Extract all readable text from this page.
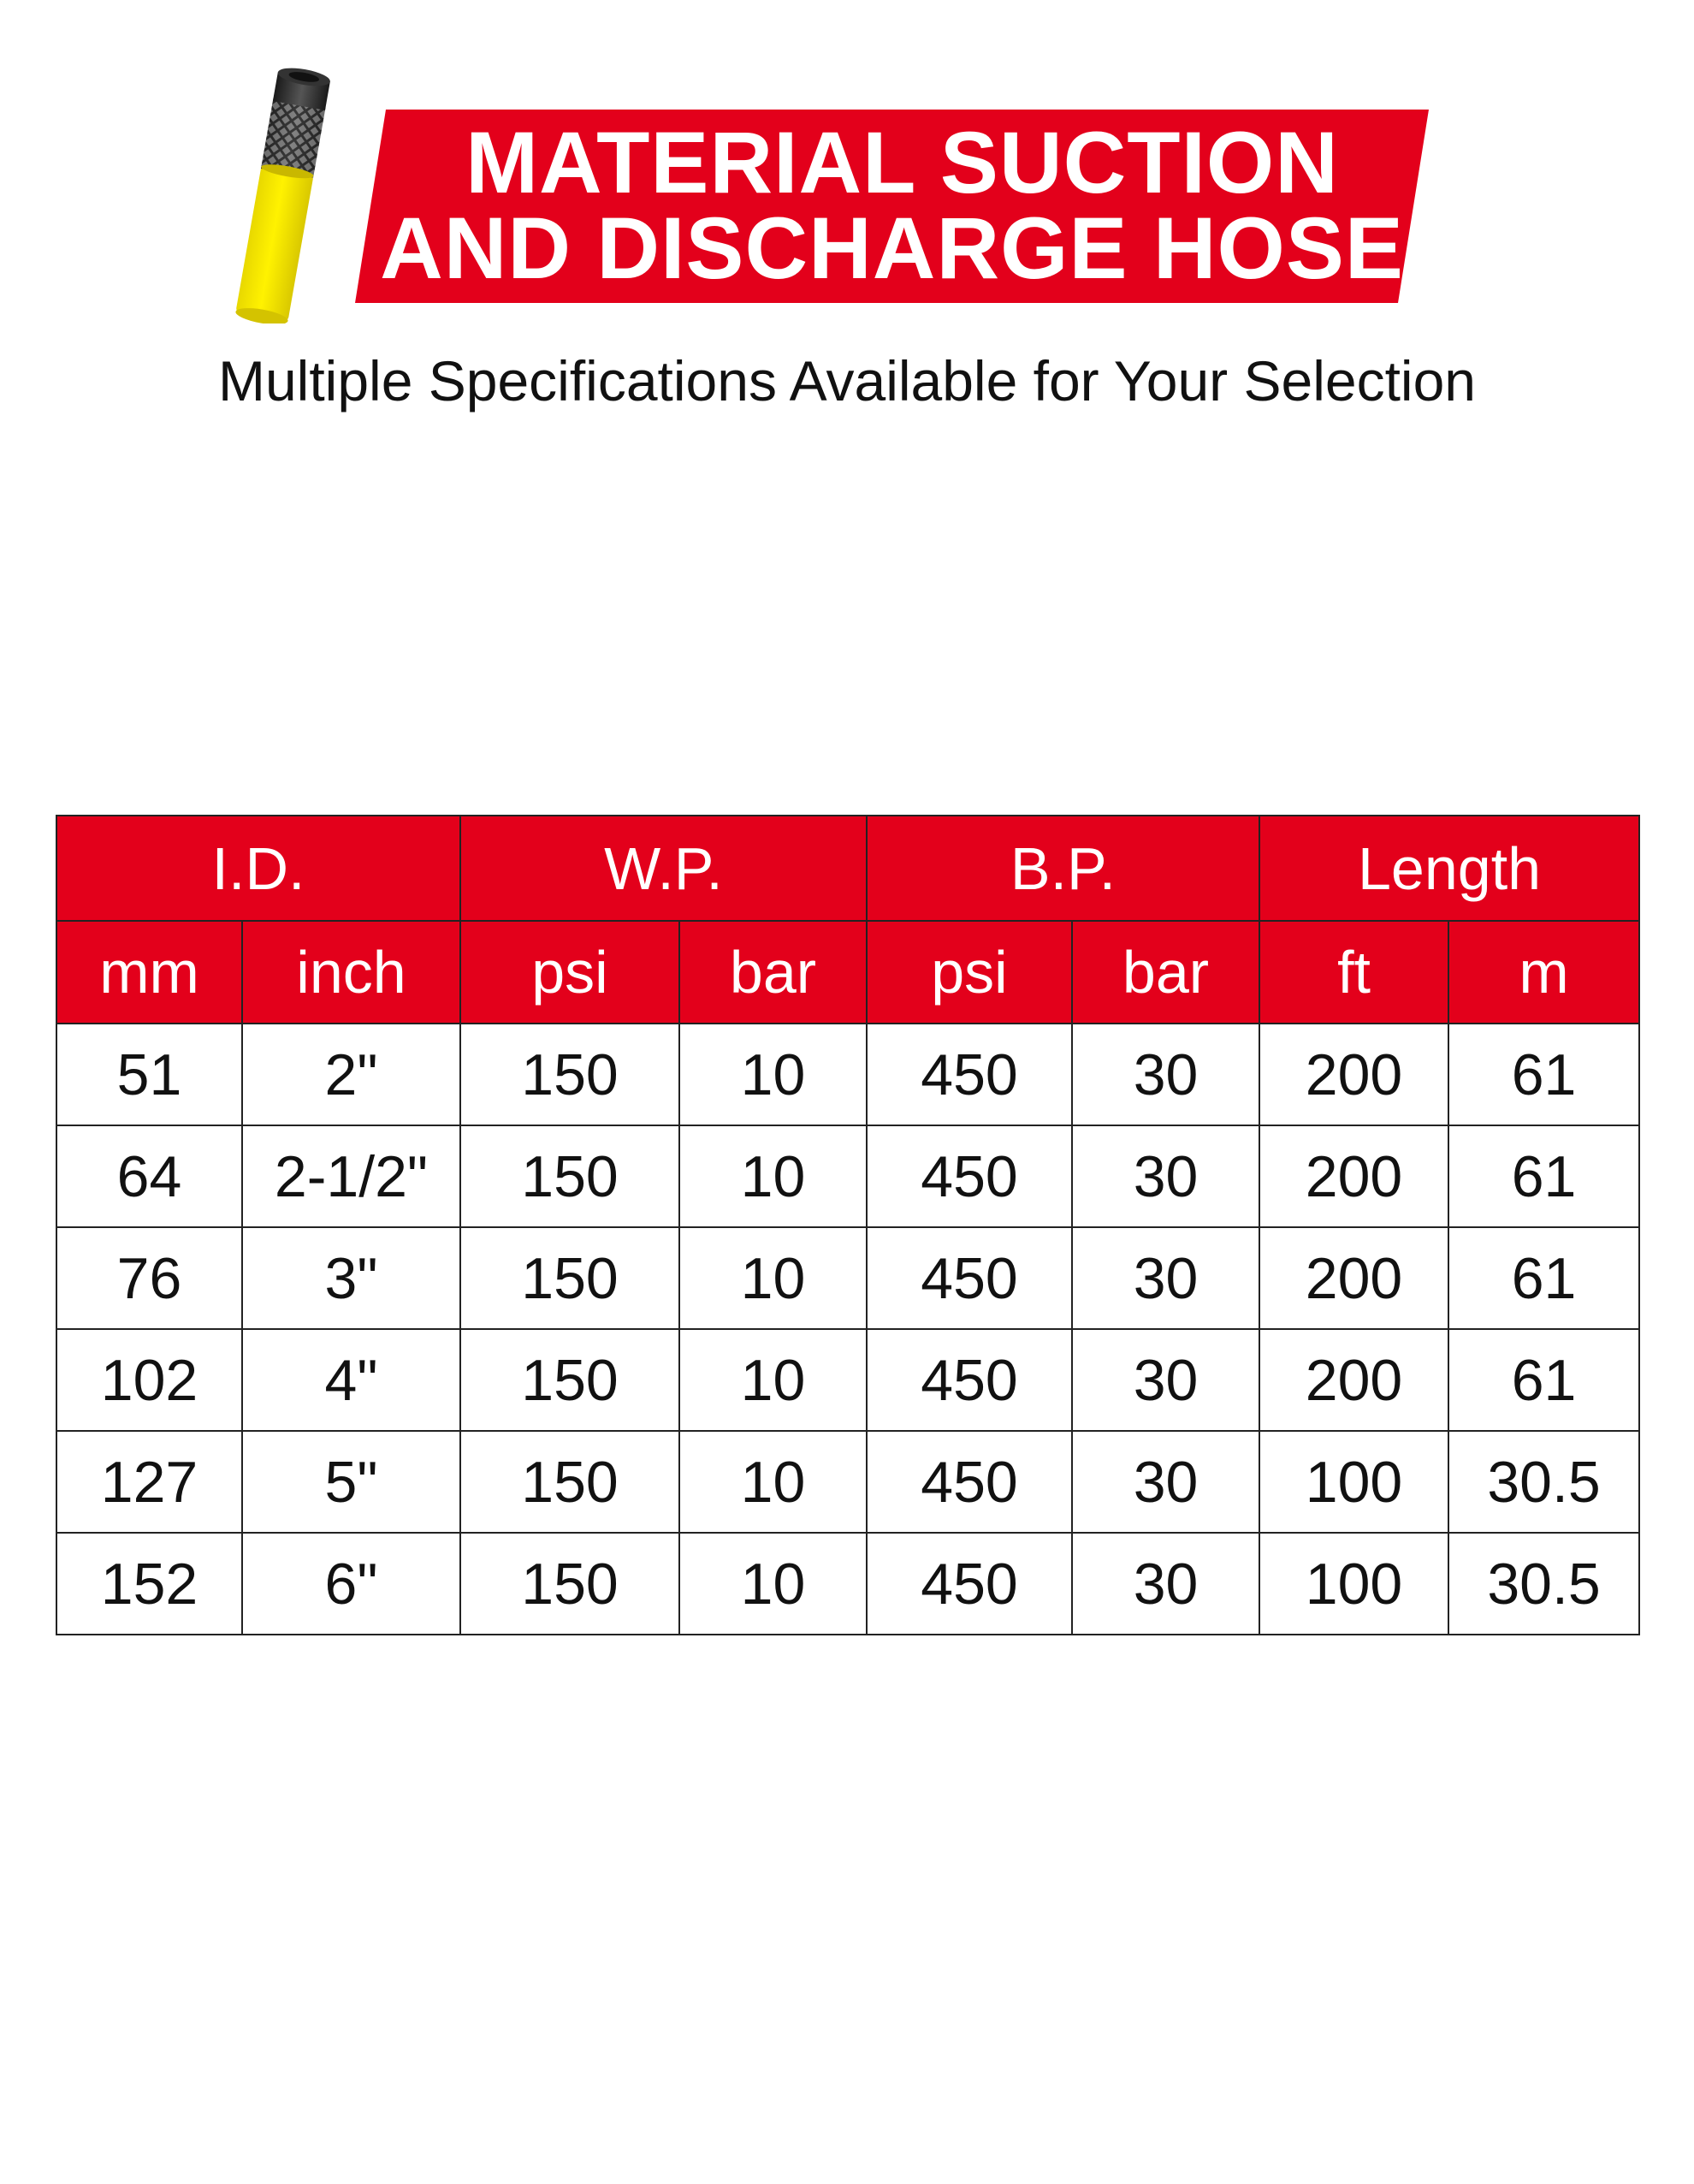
MATERIAL SUCTION
AND DISCHARGE HOSE
Multiple Specifications Available for Your Selection
I.D.		W.P.		B.P.		Length	
mm	inch	psi	bar	psi	bar	ft	m
51	2"	150	10	450	30	200	61
64	2-1/2"	150	10	450	30	200	61
76	3"	150	10	450	30	200	61
102	4"	150	10	450	30	200	61
127	5"	150	10	450	30	100	30.5
152	6"	150	10	450	30	100	30.5
